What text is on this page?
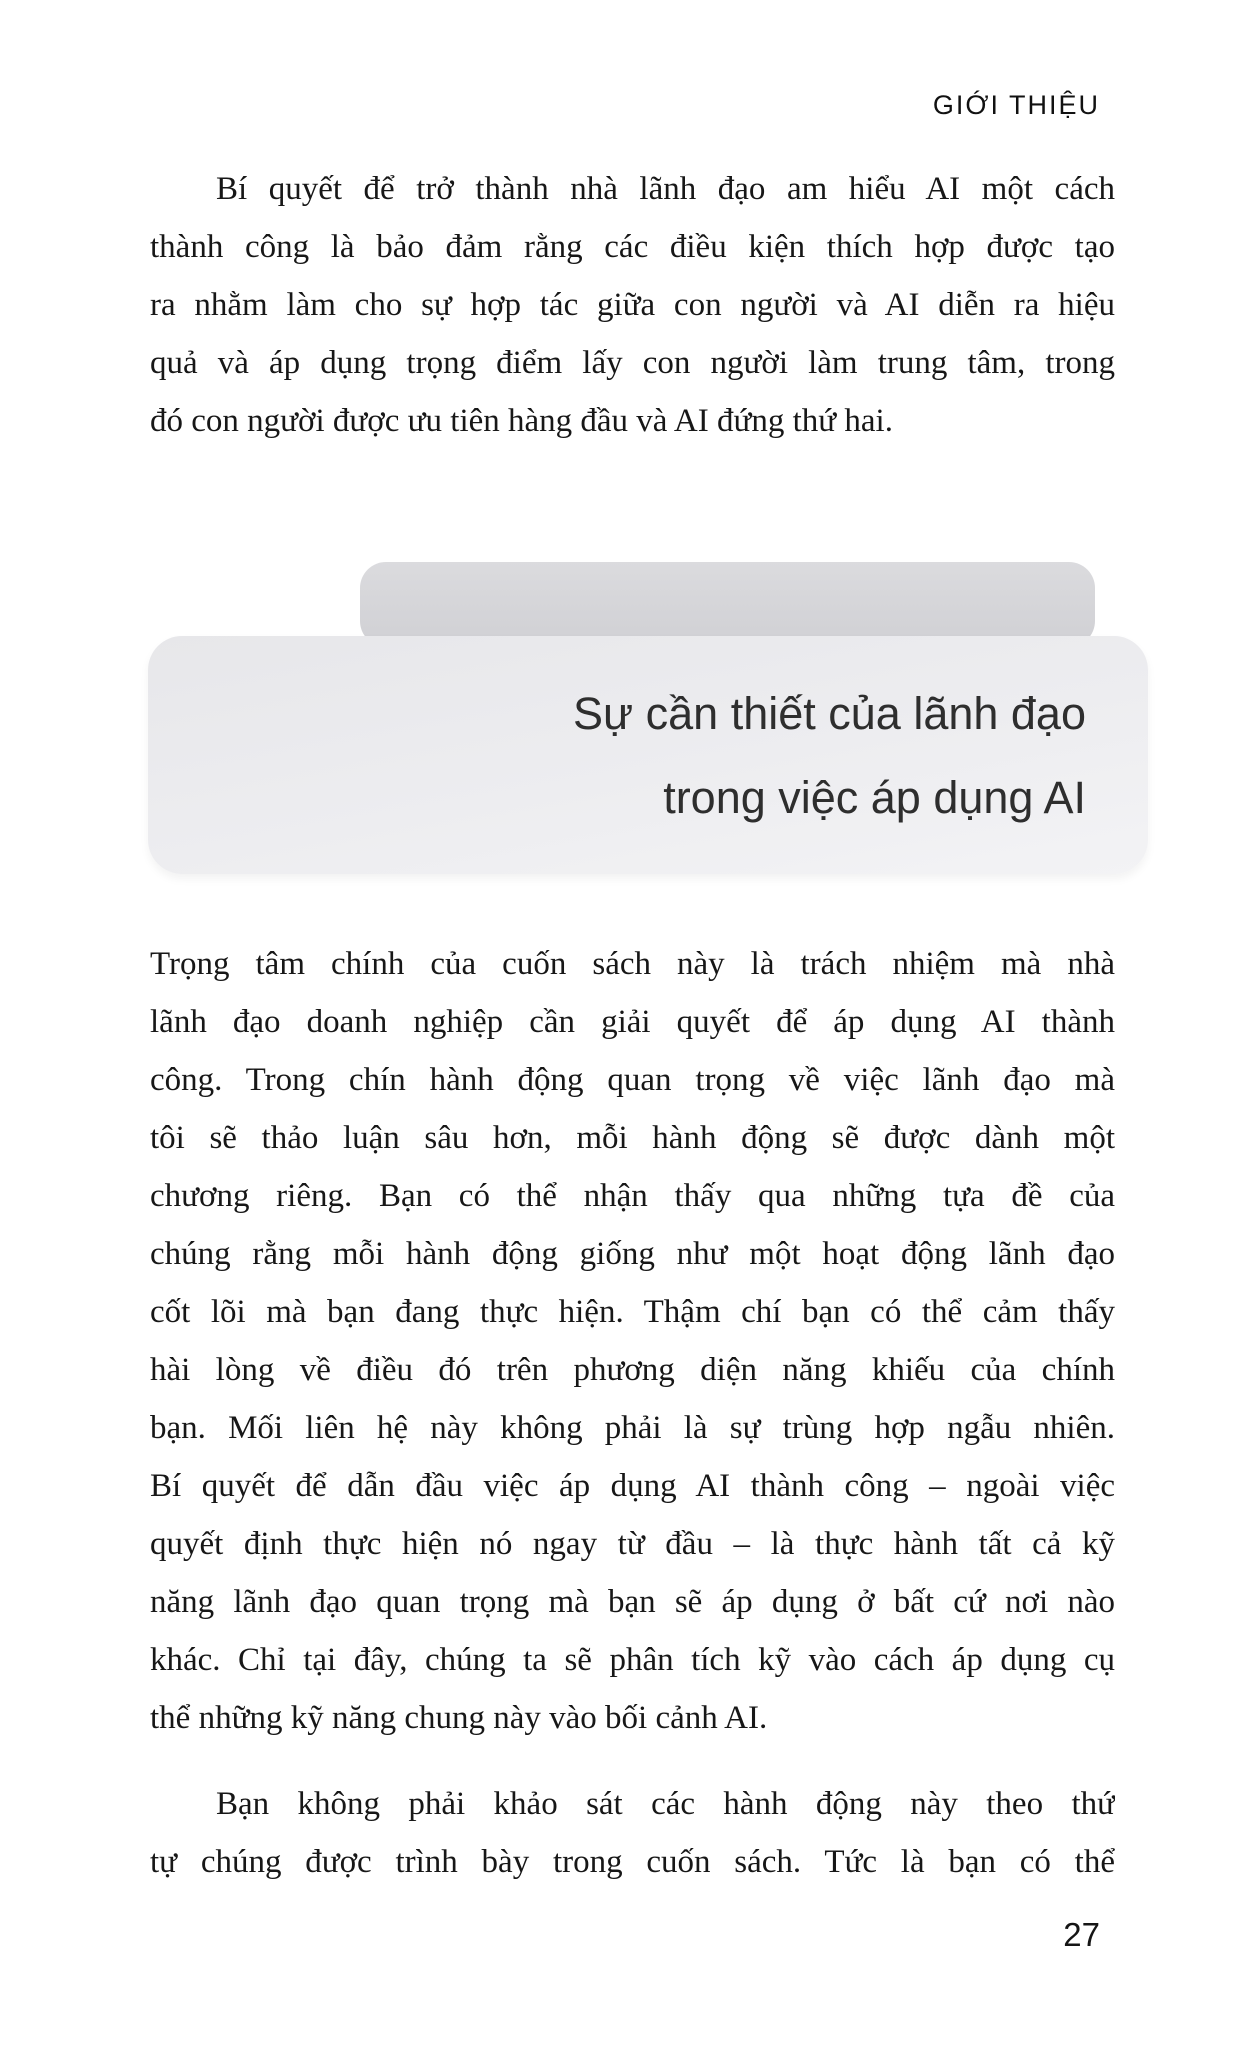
GIỚI THIỆU
Bí quyết để trở thành nhà lãnh đạo am hiểu AI một cách
thành công là bảo đảm rằng các điều kiện thích hợp được tạo
ra nhằm làm cho sự hợp tác giữa con người và AI diễn ra hiệu
quả và áp dụng trọng điểm lấy con người làm trung tâm, trong
đó con người được ưu tiên hàng đầu và AI đứng thứ hai.
Sự cần thiết của lãnh đạo
trong việc áp dụng AI
Trọng tâm chính của cuốn sách này là trách nhiệm mà nhà
lãnh đạo doanh nghiệp cần giải quyết để áp dụng AI thành
công. Trong chín hành động quan trọng về việc lãnh đạo mà
tôi sẽ thảo luận sâu hơn, mỗi hành động sẽ được dành một
chương riêng. Bạn có thể nhận thấy qua những tựa đề của
chúng rằng mỗi hành động giống như một hoạt động lãnh đạo
cốt lõi mà bạn đang thực hiện. Thậm chí bạn có thể cảm thấy
hài lòng về điều đó trên phương diện năng khiếu của chính
bạn. Mối liên hệ này không phải là sự trùng hợp ngẫu nhiên.
Bí quyết để dẫn đầu việc áp dụng AI thành công – ngoài việc
quyết định thực hiện nó ngay từ đầu – là thực hành tất cả kỹ
năng lãnh đạo quan trọng mà bạn sẽ áp dụng ở bất cứ nơi nào
khác. Chỉ tại đây, chúng ta sẽ phân tích kỹ vào cách áp dụng cụ
thể những kỹ năng chung này vào bối cảnh AI.
Bạn không phải khảo sát các hành động này theo thứ
tự chúng được trình bày trong cuốn sách. Tức là bạn có thể
27
